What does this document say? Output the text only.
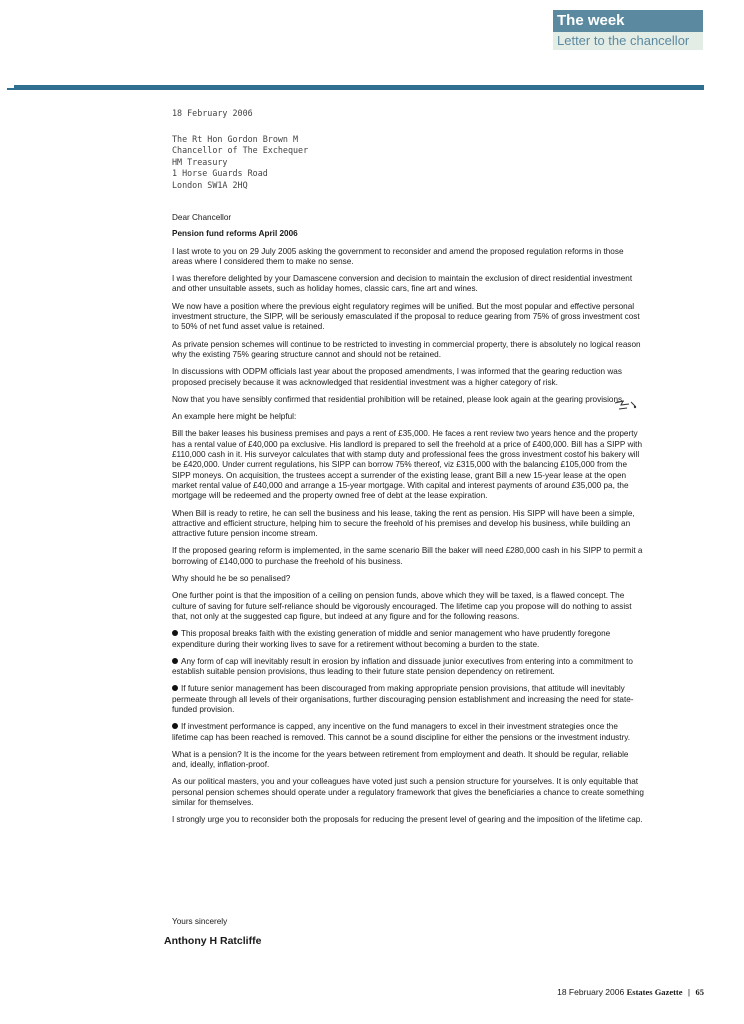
The week
Letter to the chancellor

18 February 2006

The Rt Hon Gordon Brown M
Chancellor of The Exchequer
HM Treasury
1 Horse Guards Road
London SW1A 2HQ

Dear Chancellor

Pension fund reforms April 2006

I last wrote to you on 29 July 2005 asking the government to reconsider and amend the proposed regulation reforms in those areas where I considered them to make no sense.

I was therefore delighted by your Damascene conversion and decision to maintain the exclusion of direct residential investment and other unsuitable assets, such as holiday homes, classic cars, fine art and wines.

We now have a position where the previous eight regulatory regimes will be unified. But the most popular and effective personal investment structure, the SIPP, will be seriously emasculated if the proposal to reduce gearing from 75% of gross investment cost to 50% of net fund asset value is retained.

As private pension schemes will continue to be restricted to investing in commercial property, there is absolutely no logical reason why the existing 75% gearing structure cannot and should not be retained.

In discussions with ODPM officials last year about the proposed amendments, I was informed that the gearing reduction was proposed precisely because it was acknowledged that residential investment was a higher category of risk.

Now that you have sensibly confirmed that residential prohibition will be retained, please look again at the gearing provisions.

An example here might be helpful:

Bill the baker leases his business premises and pays a rent of £35,000. He faces a rent review two years hence and the property has a rental value of £40,000 pa exclusive. His landlord is prepared to sell the freehold at a price of £400,000. Bill has a SIPP with £110,000 cash in it. His surveyor calculates that with stamp duty and professional fees the gross investment costof his bakery will be £420,000. Under current regulations, his SIPP can borrow 75% thereof, viz £315,000 with the balancing £105,000 from the SIPP moneys. On acquisition, the trustees accept a surrender of the existing lease, grant Bill a new 15-year lease at the open market rental value of £40,000 and arrange a 15-year mortgage. With capital and interest payments of around £35,000 pa, the mortgage will be redeemed and the property owned free of debt at the lease expiration.

When Bill is ready to retire, he can sell the business and his lease, taking the rent as pension. His SIPP will have been a simple, attractive and efficient structure, helping him to secure the freehold of his premises and develop his business, while building an attractive future pension income stream.

If the proposed gearing reform is implemented, in the same scenario Bill the baker will need £280,000 cash in his SIPP to permit a borrowing of £140,000 to purchase the freehold of his business.

Why should he be so penalised?

One further point is that the imposition of a ceiling on pension funds, above which they will be taxed, is a flawed concept. The culture of saving for future self-reliance should be vigorously encouraged. The lifetime cap you propose will do nothing to assist that, not only at the suggested cap figure, but indeed at any figure and for the following reasons.

This proposal breaks faith with the existing generation of middle and senior management who have prudently foregone expenditure during their working lives to save for a retirement without becoming a burden to the state.

Any form of cap will inevitably result in erosion by inflation and dissuade junior executives from entering into a commitment to establish suitable pension provisions, thus leading to their future state pension dependency on retirement.

If future senior management has been discouraged from making appropriate pension provisions, that attitude will inevitably permeate through all levels of their organisations, further discouraging pension establishment and increasing the need for state-funded provision.

If investment performance is capped, any incentive on the fund managers to excel in their investment strategies once the lifetime cap has been reached is removed. This cannot be a sound discipline for either the pensions or the investment industry.

What is a pension? It is the income for the years between retirement from employment and death. It should be regular, reliable and, ideally, inflation-proof.

As our political masters, you and your colleagues have voted just such a pension structure for yourselves. It is only equitable that personal pension schemes should operate under a regulatory framework that gives the beneficiaries a chance to create something similar for themselves.

I strongly urge you to reconsider both the proposals for reducing the present level of gearing and the imposition of the lifetime cap.

Yours sincerely
Anthony H Ratcliffe
18 February 2006 Estates Gazette | 65
